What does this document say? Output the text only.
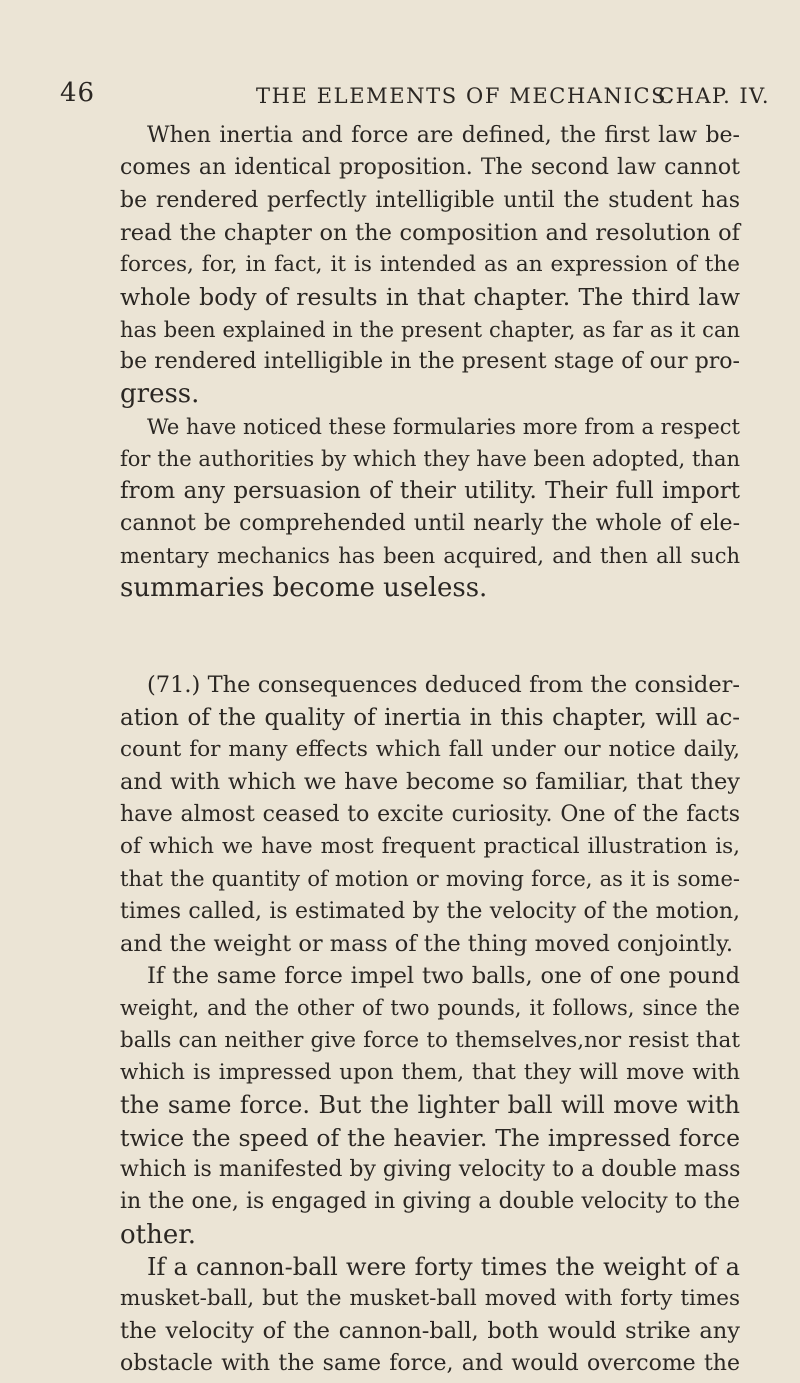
46	THE ELEMENTS OF MECHANICS.
CHAP. IV.

When inertia and force are defined, the first law be-
comes an identical proposition. The second law cannot
be rendered perfectly intelligible until the student has
read the chapter on the composition and resolution of
forces, for, in fact, it is intended as an expression of the
whole body of results in that chapter. The third law
has been explained in the present chapter, as far as it can
be rendered intelligible in the present stage of our pro-
gress.

We have noticed these formularies more from a respect
for the authorities by which they have been adopted, than
from any persuasion of their utility. Their full import
cannot be comprehended until nearly the whole of ele-
mentary mechanics has been acquired, and then all such
summaries become useless.

(71.) The consequences deduced from the consider-
ation of the quality of inertia in this chapter, will ac-
count for many effects which fall under our notice daily,
and with which we have become so familiar, that they
have almost ceased to excite curiosity. One of the facts
of which we have most frequent practical illustration is,
that the quantity of motion or moving force, as it is some-
times called, is estimated by the velocity of the motion,
and the weight or mass of the thing moved conjointly.

If the same force impel two balls, one of one pound
weight, and the other of two pounds, it follows, since the
balls can neither give force to themselves,nor resist that
which is impressed upon them, that they will move with
the same force. But the lighter ball will move with
twice the speed of the heavier. The impressed force
which is manifested by giving velocity to a double mass
in the one, is engaged in giving a double velocity to the
other.

If a cannon-ball were forty times the weight of a
musket-ball, but the musket-ball moved with forty times
the velocity of the cannon-ball, both would strike any
obstacle with the same force, and would overcome the
